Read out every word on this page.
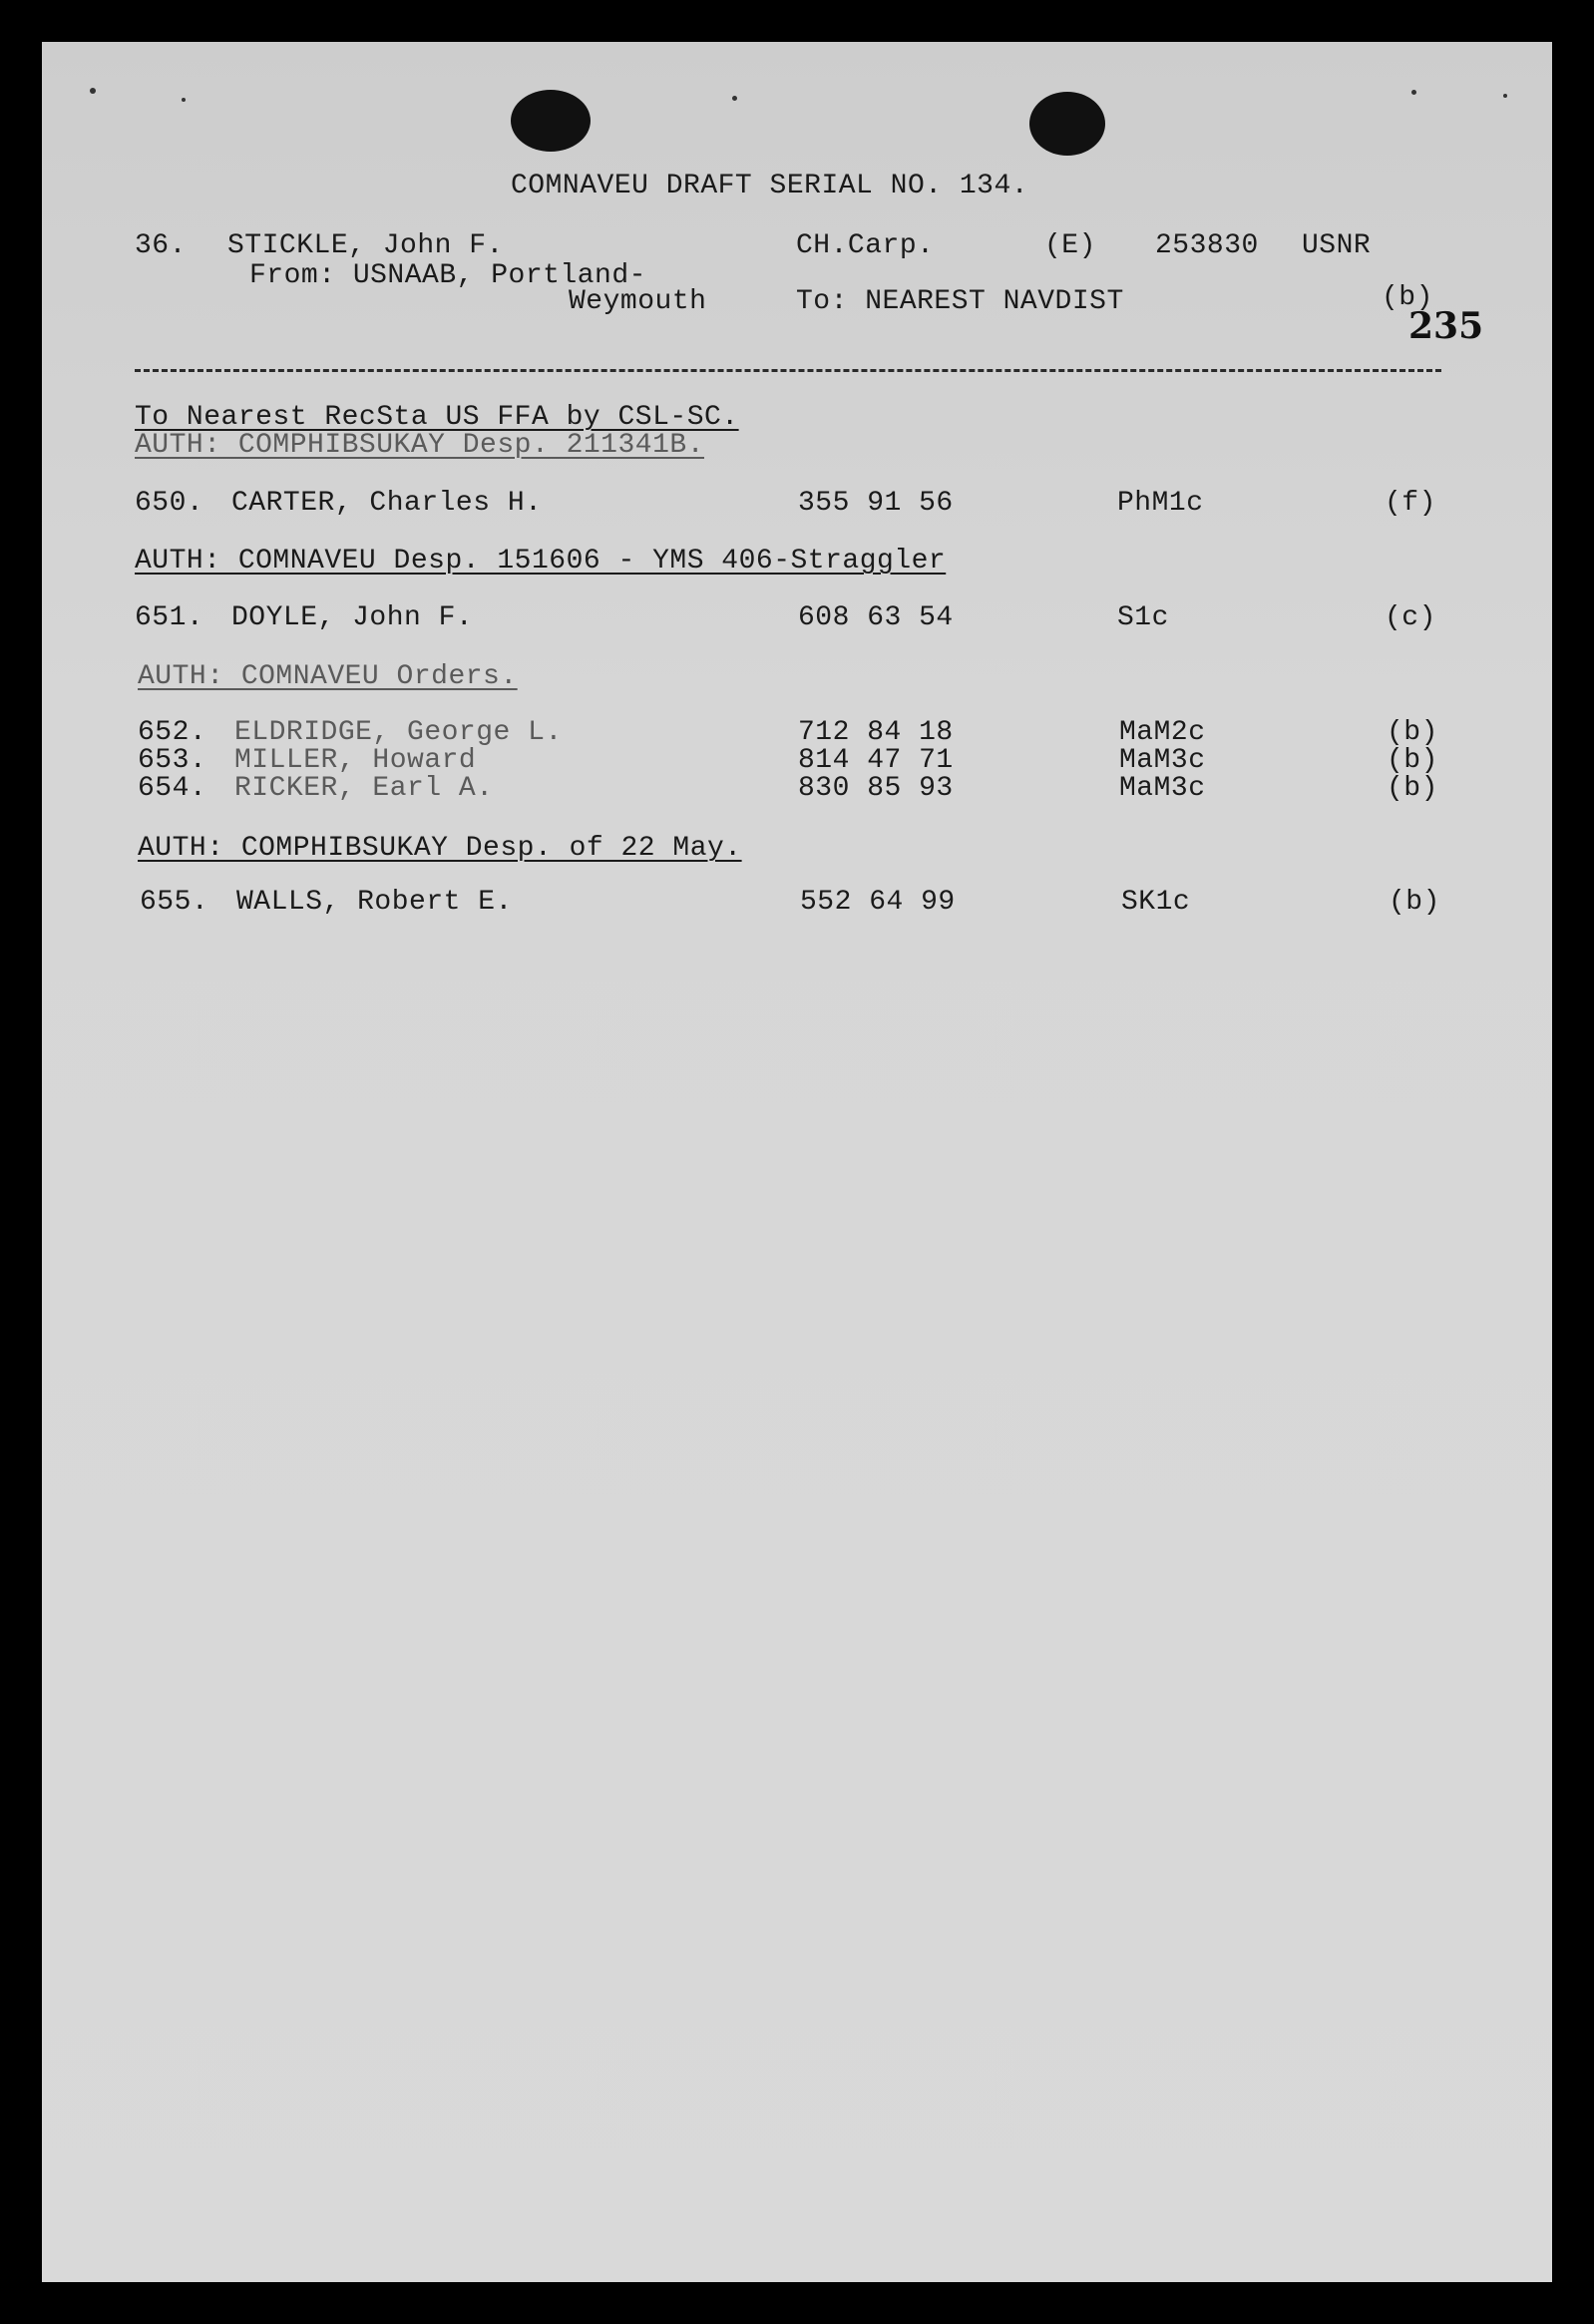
COMNAVEU DRAFT SERIAL NO. 134.
36. STICKLE, John F.	CH.Carp.	(E) 253830 USNR
From: USNAAB, Portland-
Weymouth	To: NEAREST NAVDIST	(b)
235
To Nearest RecSta US FFA by CSL-SC.
AUTH: COMPHIBSUKAY Desp. 211341B.
650. CARTER, Charles H.	355 91 56	PhM1c	(f)
AUTH: COMNAVEU Desp. 151606 - YMS 406-Straggler
651. DOYLE, John F.	608 63 54	S1c	(c)
AUTH: COMNAVEU Orders.
652. ELDRIDGE, George L.	712 84 18	MaM2c	(b)
653. MILLER, Howard	814 47 71	MaM3c	(b)
654. RICKER, Earl A.	830 85 93	MaM3c	(b)
AUTH: COMPHIBSUKAY Desp. of 22 May.
655. WALLS, Robert E.	552 64 99	SK1c	(b)
